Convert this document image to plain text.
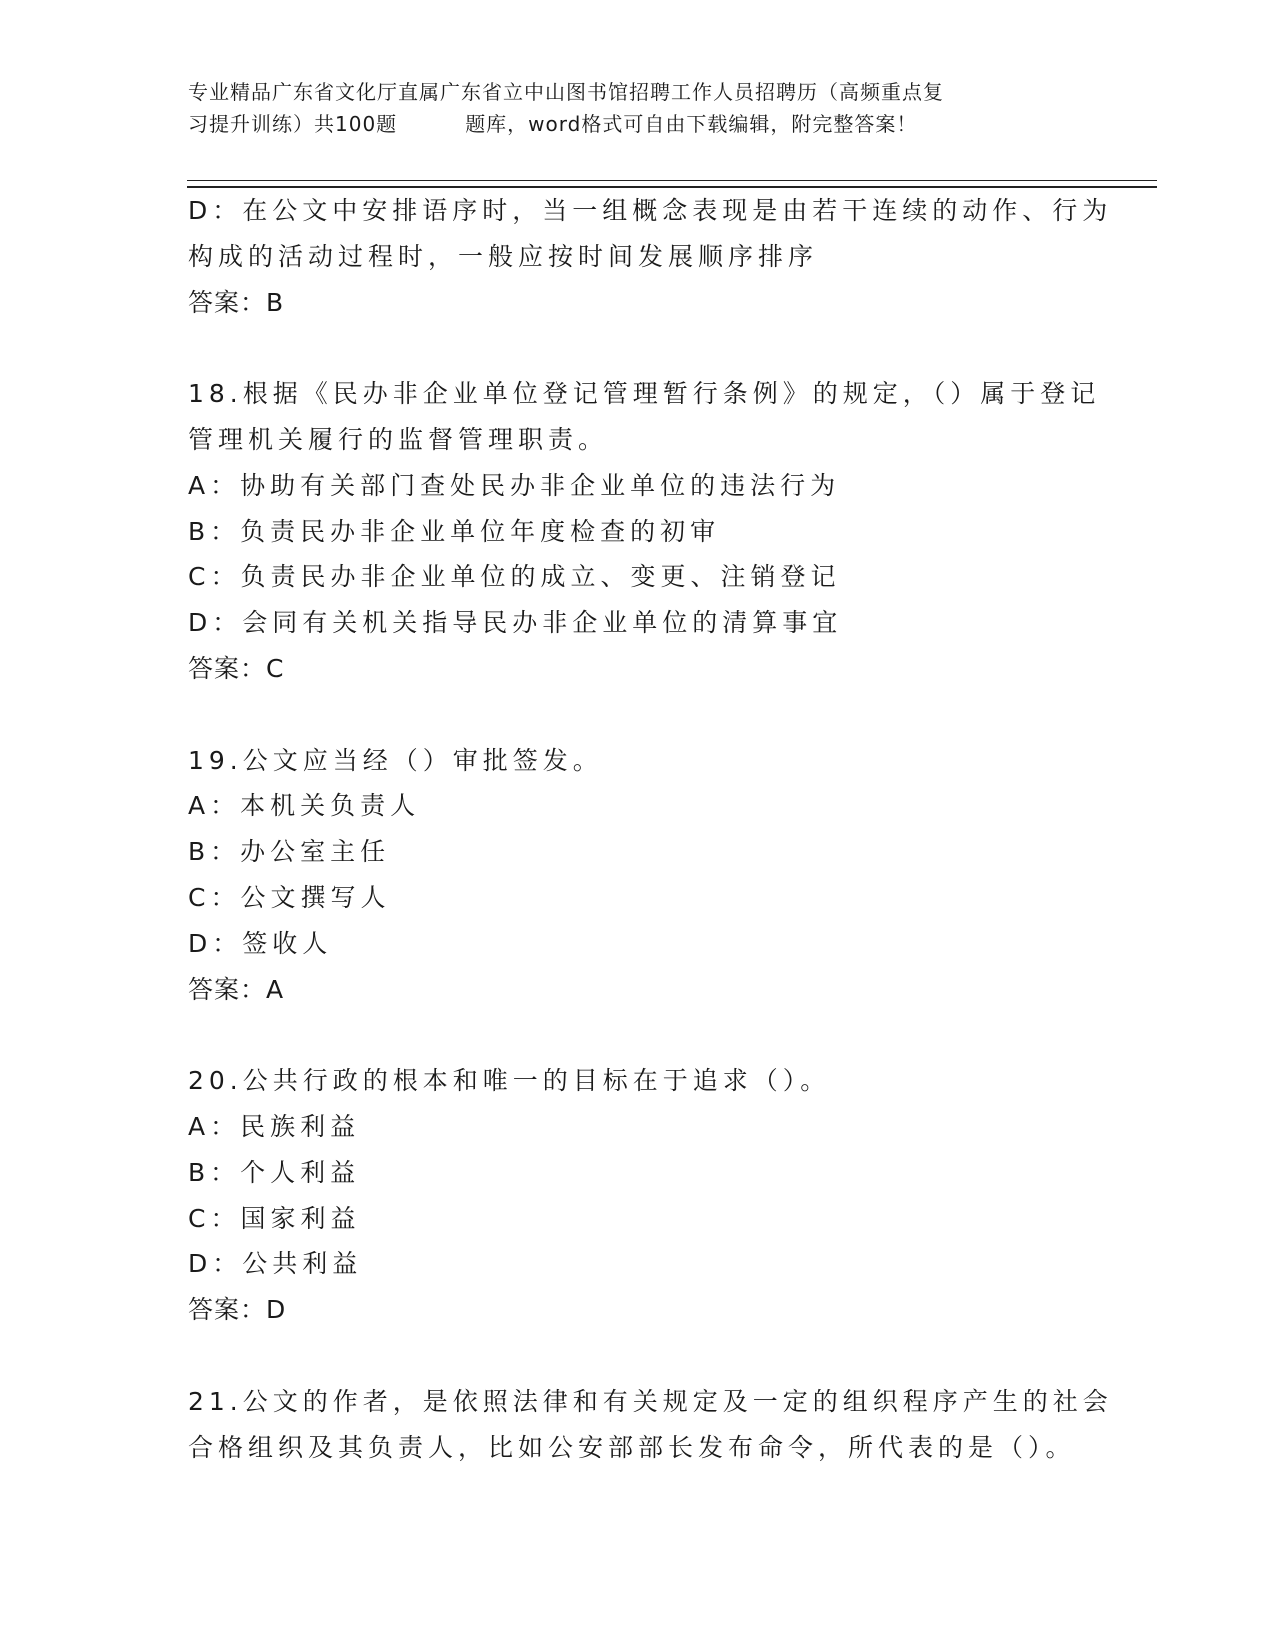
专业精品广东省文化厅直属广东省立中山图书馆招聘工作人员招聘历（高频重点复
习提升训练）共100题	题库，word格式可自由下载编辑，附完整答案！
D：在公文中安排语序时，当一组概念表现是由若干连续的动作、行为
构成的活动过程时，一般应按时间发展顺序排序
答案：B
18.根据《民办非企业单位登记管理暂行条例》的规定，（）属于登记
管理机关履行的监督管理职责。
A：协助有关部门查处民办非企业单位的违法行为
B：负责民办非企业单位年度检查的初审
C：负责民办非企业单位的成立、变更、注销登记
D：会同有关机关指导民办非企业单位的清算事宜
答案：C
19.公文应当经（）审批签发。
A：本机关负责人
B：办公室主任
C：公文撰写人
D：签收人
答案：A
20.公共行政的根本和唯一的目标在于追求（）。
A：民族利益
B：个人利益
C：国家利益
D：公共利益
答案：D
21.公文的作者，是依照法律和有关规定及一定的组织程序产生的社会
合格组织及其负责人，比如公安部部长发布命令，所代表的是（）。
